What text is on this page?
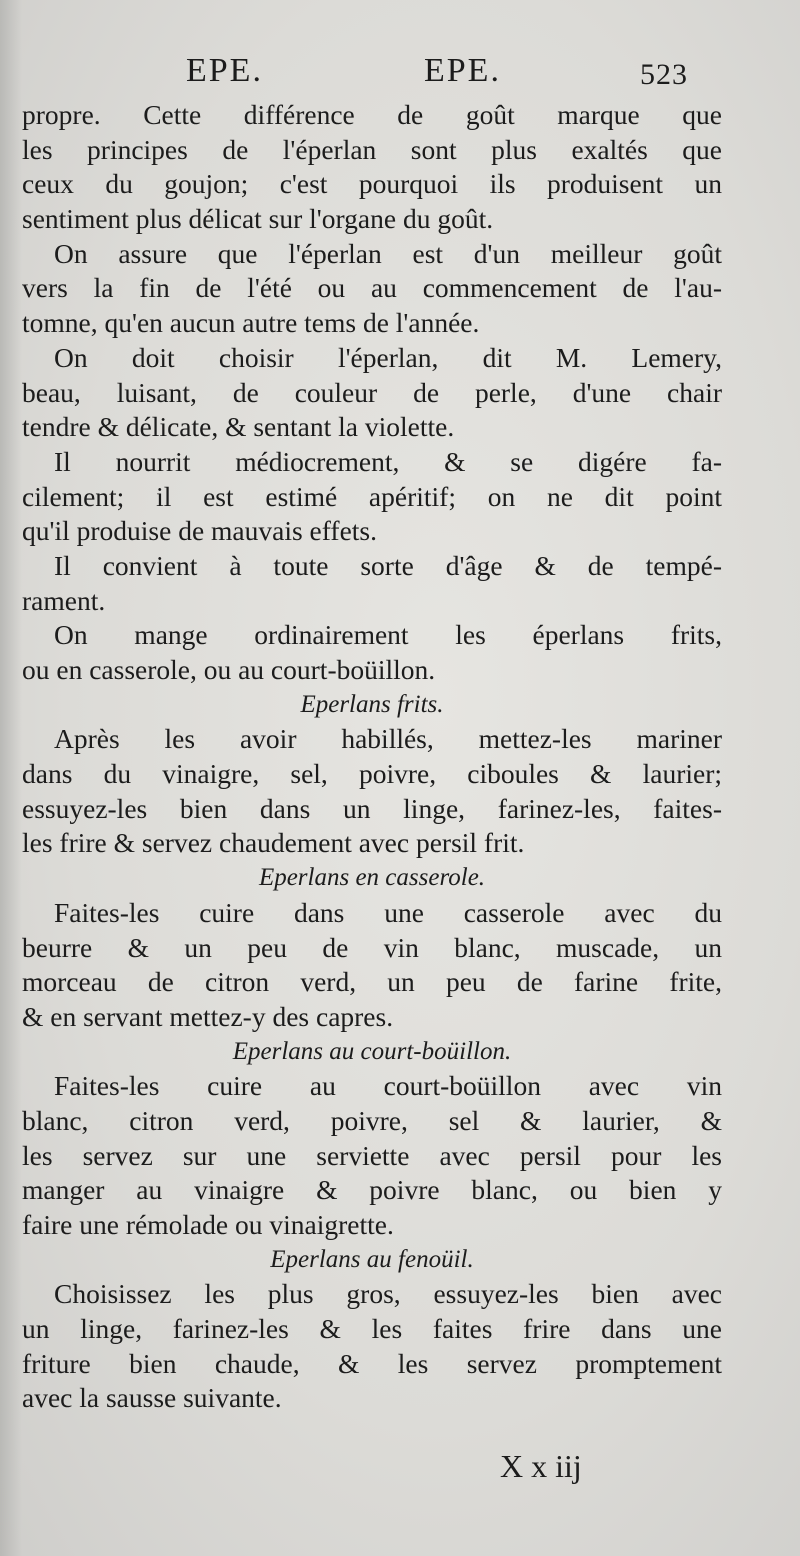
EPE.	EPE.	523
propre. Cette différence de goût marque que
les principes de l'éperlan sont plus exaltés que
ceux du goujon; c'est pourquoi ils produisent un
sentiment plus délicat sur l'organe du goût.
On assure que l'éperlan est d'un meilleur goût
vers la fin de l'été ou au commencement de l'au-
tomne, qu'en aucun autre tems de l'année.
On doit choisir l'éperlan, dit M. Lemery,
beau, luisant, de couleur de perle, d'une chair
tendre & délicate, & sentant la violette.
Il nourrit médiocrement, & se digére fa-
cilement; il est estimé apéritif; on ne dit point
qu'il produise de mauvais effets.
Il convient à toute sorte d'âge & de tempé-
rament.
On mange ordinairement les éperlans frits,
ou en casserole, ou au court-boüillon.
Eperlans frits.
Après les avoir habillés, mettez-les mariner
dans du vinaigre, sel, poivre, ciboules & laurier;
essuyez-les bien dans un linge, farinez-les, faites-
les frire & servez chaudement avec persil frit.
Eperlans en casserole.
Faites-les cuire dans une casserole avec du
beurre & un peu de vin blanc, muscade, un
morceau de citron verd, un peu de farine frite,
& en servant mettez-y des capres.
Eperlans au court-boüillon.
Faites-les cuire au court-boüillon avec vin
blanc, citron verd, poivre, sel & laurier, &
les servez sur une serviette avec persil pour les
manger au vinaigre & poivre blanc, ou bien y
faire une rémolade ou vinaigrette.
Eperlans au fenoüil.
Choisissez les plus gros, essuyez-les bien avec
un linge, farinez-les & les faites frire dans une
friture bien chaude, & les servez promptement
avec la sausse suivante.
X x iij
